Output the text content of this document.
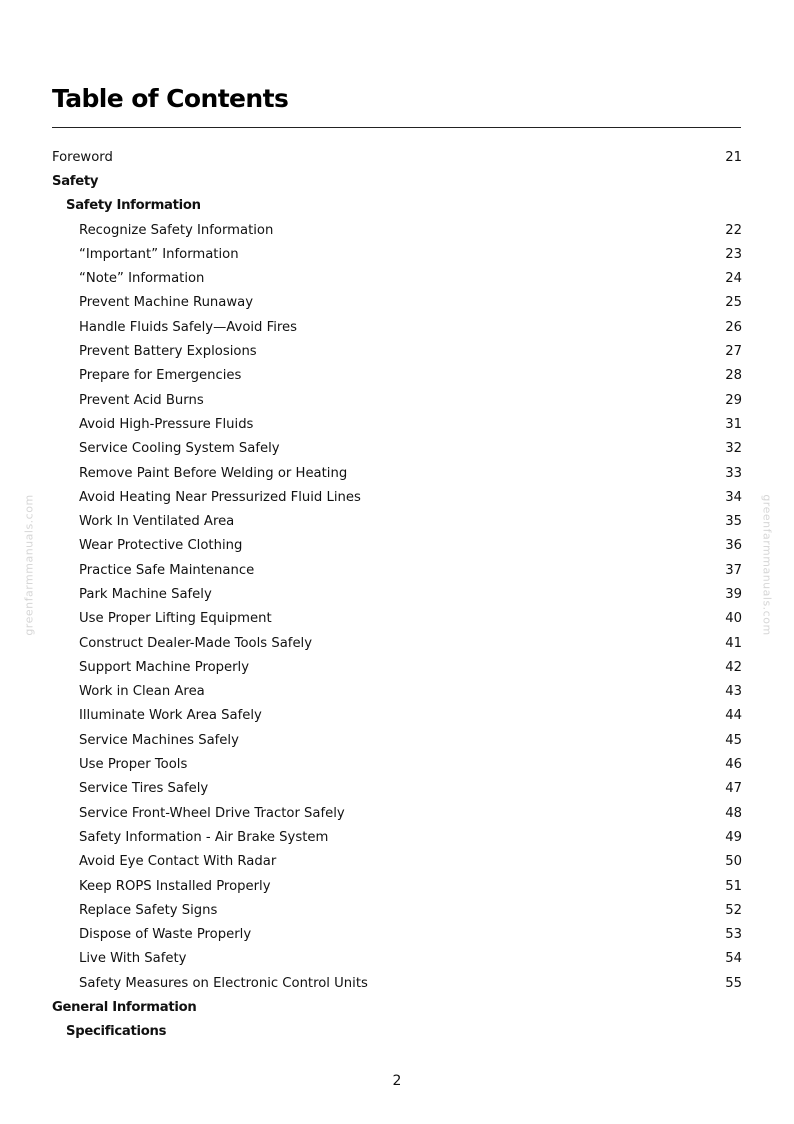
Table of Contents
Foreword	21
Safety
Safety Information
Recognize Safety Information	22
“Important” Information	23
“Note” Information	24
Prevent Machine Runaway	25
Handle Fluids Safely—Avoid Fires	26
Prevent Battery Explosions	27
Prepare for Emergencies	28
Prevent Acid Burns	29
Avoid High-Pressure Fluids	31
Service Cooling System Safely	32
Remove Paint Before Welding or Heating	33
Avoid Heating Near Pressurized Fluid Lines	34
Work In Ventilated Area	35
Wear Protective Clothing	36
Practice Safe Maintenance	37
Park Machine Safely	39
Use Proper Lifting Equipment	40
Construct Dealer-Made Tools Safely	41
Support Machine Properly	42
Work in Clean Area	43
Illuminate Work Area Safely	44
Service Machines Safely	45
Use Proper Tools	46
Service Tires Safely	47
Service Front-Wheel Drive Tractor Safely	48
Safety Information - Air Brake System	49
Avoid Eye Contact With Radar	50
Keep ROPS Installed Properly	51
Replace Safety Signs	52
Dispose of Waste Properly	53
Live With Safety	54
Safety Measures on Electronic Control Units	55
General Information
Specifications
greenfarmmanuals.com	greenfarmmanuals.com
2
